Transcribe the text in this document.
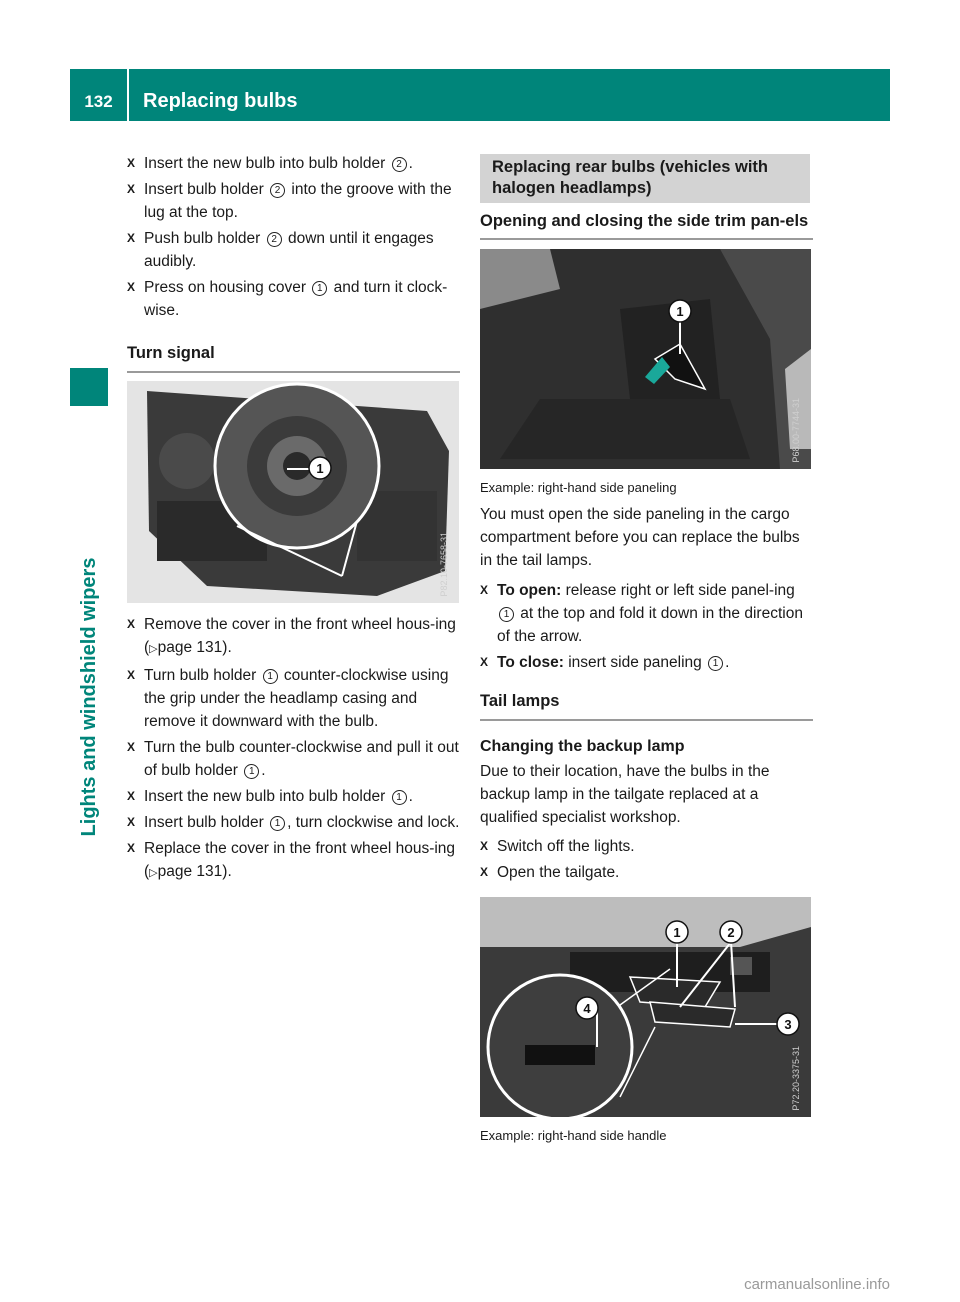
132	Replacing bulbs
Lights and windshield wipers
X Insert the new bulb into bulb holder 2 .
X Insert bulb holder 2 into the groove with the lug at the top.
X Push bulb holder 2 down until it engages audibly.
X Press on housing cover 1 and turn it clock-wise.
Turn signal
1
P82.10-7658-31
X Remove the cover in the front wheel hous-ing (▷page 131).
X Turn bulb holder 1 counter-clockwise using the grip under the headlamp casing and remove it downward with the bulb.
X Turn the bulb counter-clockwise and pull it out of bulb holder 1 .
X Insert the new bulb into bulb holder 1 .
X Insert bulb holder 1 , turn clockwise and lock.
X Replace the cover in the front wheel hous-ing (▷page 131).
Replacing rear bulbs (vehicles with halogen headlamps)
Opening and closing the side trim pan-els
1
P68.00-7744-31
Example: right-hand side paneling
You must open the side paneling in the cargo compartment before you can replace the bulbs in the tail lamps.
X To open: release right or left side panel-ing 1 at the top and fold it down in the direction of the arrow.
X To close: insert side paneling 1 .
Tail lamps
Changing the backup lamp
Due to their location, have the bulbs in the backup lamp in the tailgate replaced at a qualified specialist workshop.
X Switch off the lights.
X Open the tailgate.
1	2
3
4
P72.20-3375-31
Example: right-hand side handle
carmanualsonline.info
